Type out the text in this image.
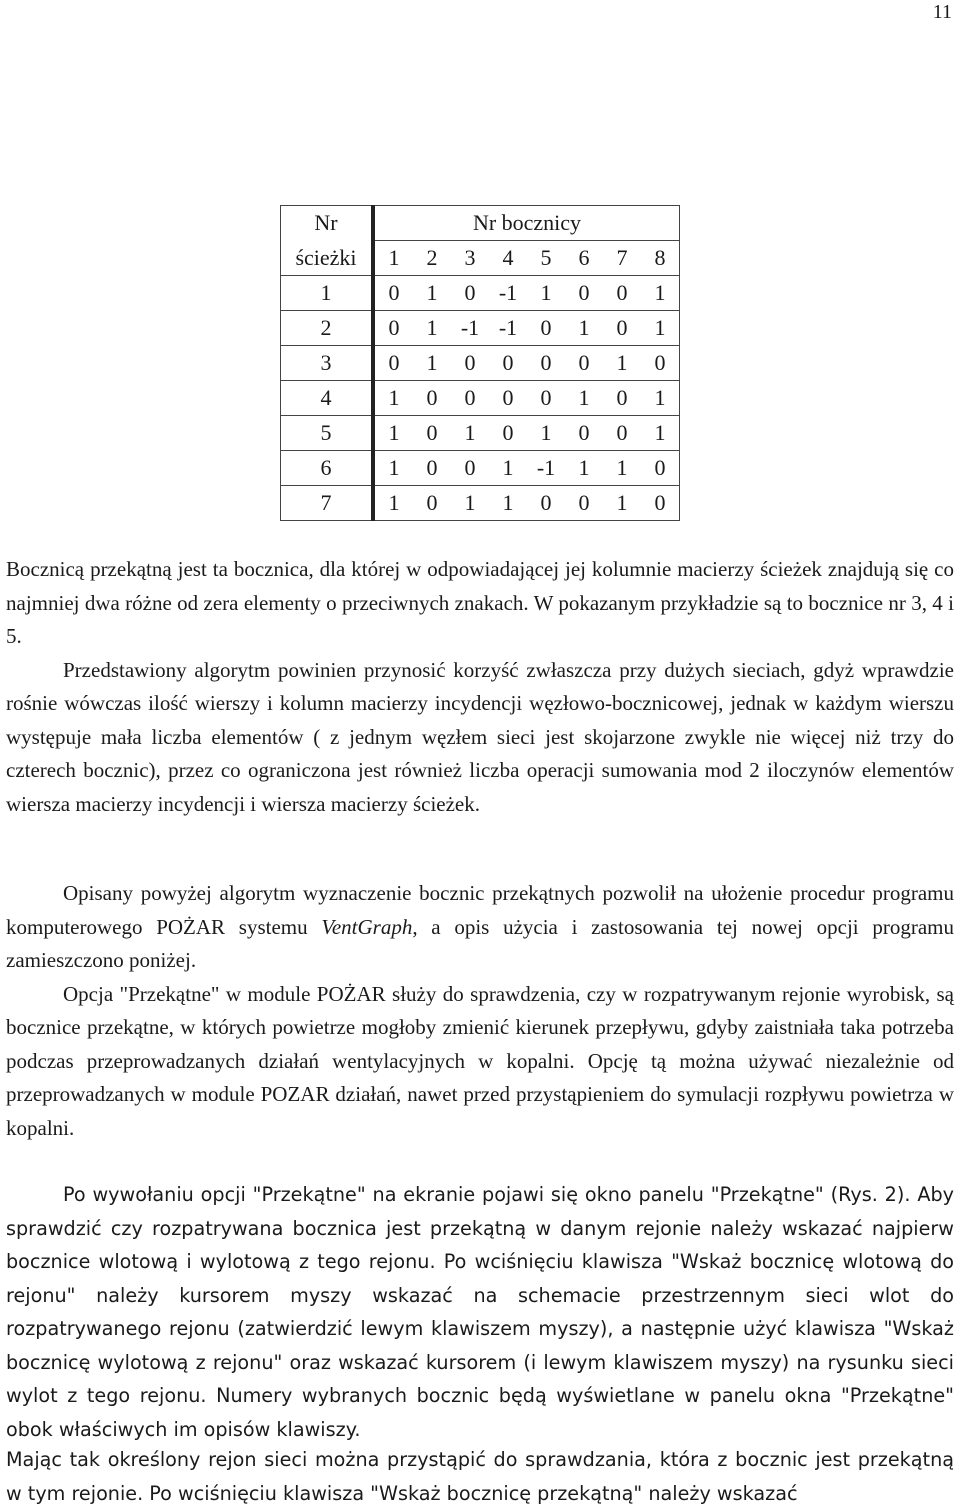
11
Nr	Nr bocznicy							
ścieżki	1	2	3	4	5	6	7	8
1	0	1	0	-1	1	0	0	1
2	0	1	-1	-1	0	1	0	1
3	0	1	0	0	0	0	1	0
4	1	0	0	0	0	1	0	1
5	1	0	1	0	1	0	0	1
6	1	0	0	1	-1	1	1	0
7	1	0	1	1	0	0	1	0

Bocznicą przekątną jest ta bocznica, dla której w odpowiadającej jej kolumnie macierzy ścieżek znajdują się co najmniej dwa różne od zera elementy o przeciwnych znakach. W pokazanym przykładzie są to bocznice nr 3, 4 i 5.

Przedstawiony algorytm powinien przynosić korzyść zwłaszcza przy dużych sieciach, gdyż wprawdzie rośnie wówczas ilość wierszy i kolumn macierzy incydencji węzłowo-bocznicowej, jednak w każdym wierszu występuje mała liczba elementów ( z jednym węzłem sieci jest skojarzone zwykle nie więcej niż trzy do czterech bocznic), przez co ograniczona jest również liczba operacji sumowania mod 2 iloczynów elementów wiersza macierzy incydencji i wiersza macierzy ścieżek.

Opisany powyżej algorytm wyznaczenie bocznic przekątnych pozwolił na ułożenie procedur programu komputerowego POŻAR systemu VentGraph, a opis użycia i zastosowania tej nowej opcji programu zamieszczono poniżej.

Opcja "Przekątne" w module POŻAR służy do sprawdzenia, czy w rozpatrywanym rejonie wyrobisk, są bocznice przekątne, w których powietrze mogłoby zmienić kierunek przepływu, gdyby zaistniała taka potrzeba podczas przeprowadzanych działań wentylacyjnych w kopalni. Opcję tą można używać niezależnie od przeprowadzanych w module POZAR działań, nawet przed przystąpieniem do symulacji rozpływu powietrza w kopalni.

Po wywołaniu opcji "Przekątne" na ekranie pojawi się okno panelu "Przekątne" (Rys. 2). Aby sprawdzić czy rozpatrywana bocznica jest przekątną w danym rejonie należy wskazać najpierw bocznice wlotową i wylotową z tego rejonu. Po wciśnięciu klawisza "Wskaż bocznicę wlotową do rejonu" należy kursorem myszy wskazać na schemacie przestrzennym sieci wlot do rozpatrywanego rejonu (zatwierdzić lewym klawiszem myszy), a następnie użyć klawisza "Wskaż bocznicę wylotową z rejonu" oraz wskazać kursorem (i lewym klawiszem myszy) na rysunku sieci wylot z tego rejonu. Numery wybranych bocznic będą wyświetlane w panelu okna "Przekątne" obok właściwych im opisów klawiszy.

Mając tak określony rejon sieci można przystąpić do sprawdzania, która z bocznic jest przekątną w tym rejonie. Po wciśnięciu klawisza "Wskaż bocznicę przekątną" należy wskazać
